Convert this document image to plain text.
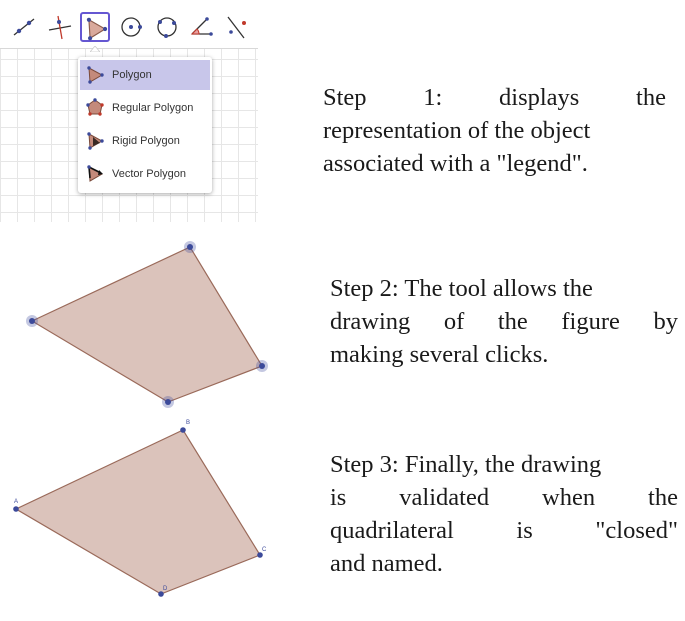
Polygon
Regular Polygon
Rigid Polygon
Vector Polygon
A
B
C
D
Step 1: displays the
representation of the object
associated with a "legend".
Step 2: The tool allows the
drawing of the figure by
making several clicks.
Step 3: Finally, the drawing
is validated when the
quadrilateral	is	"closed"
and named.
